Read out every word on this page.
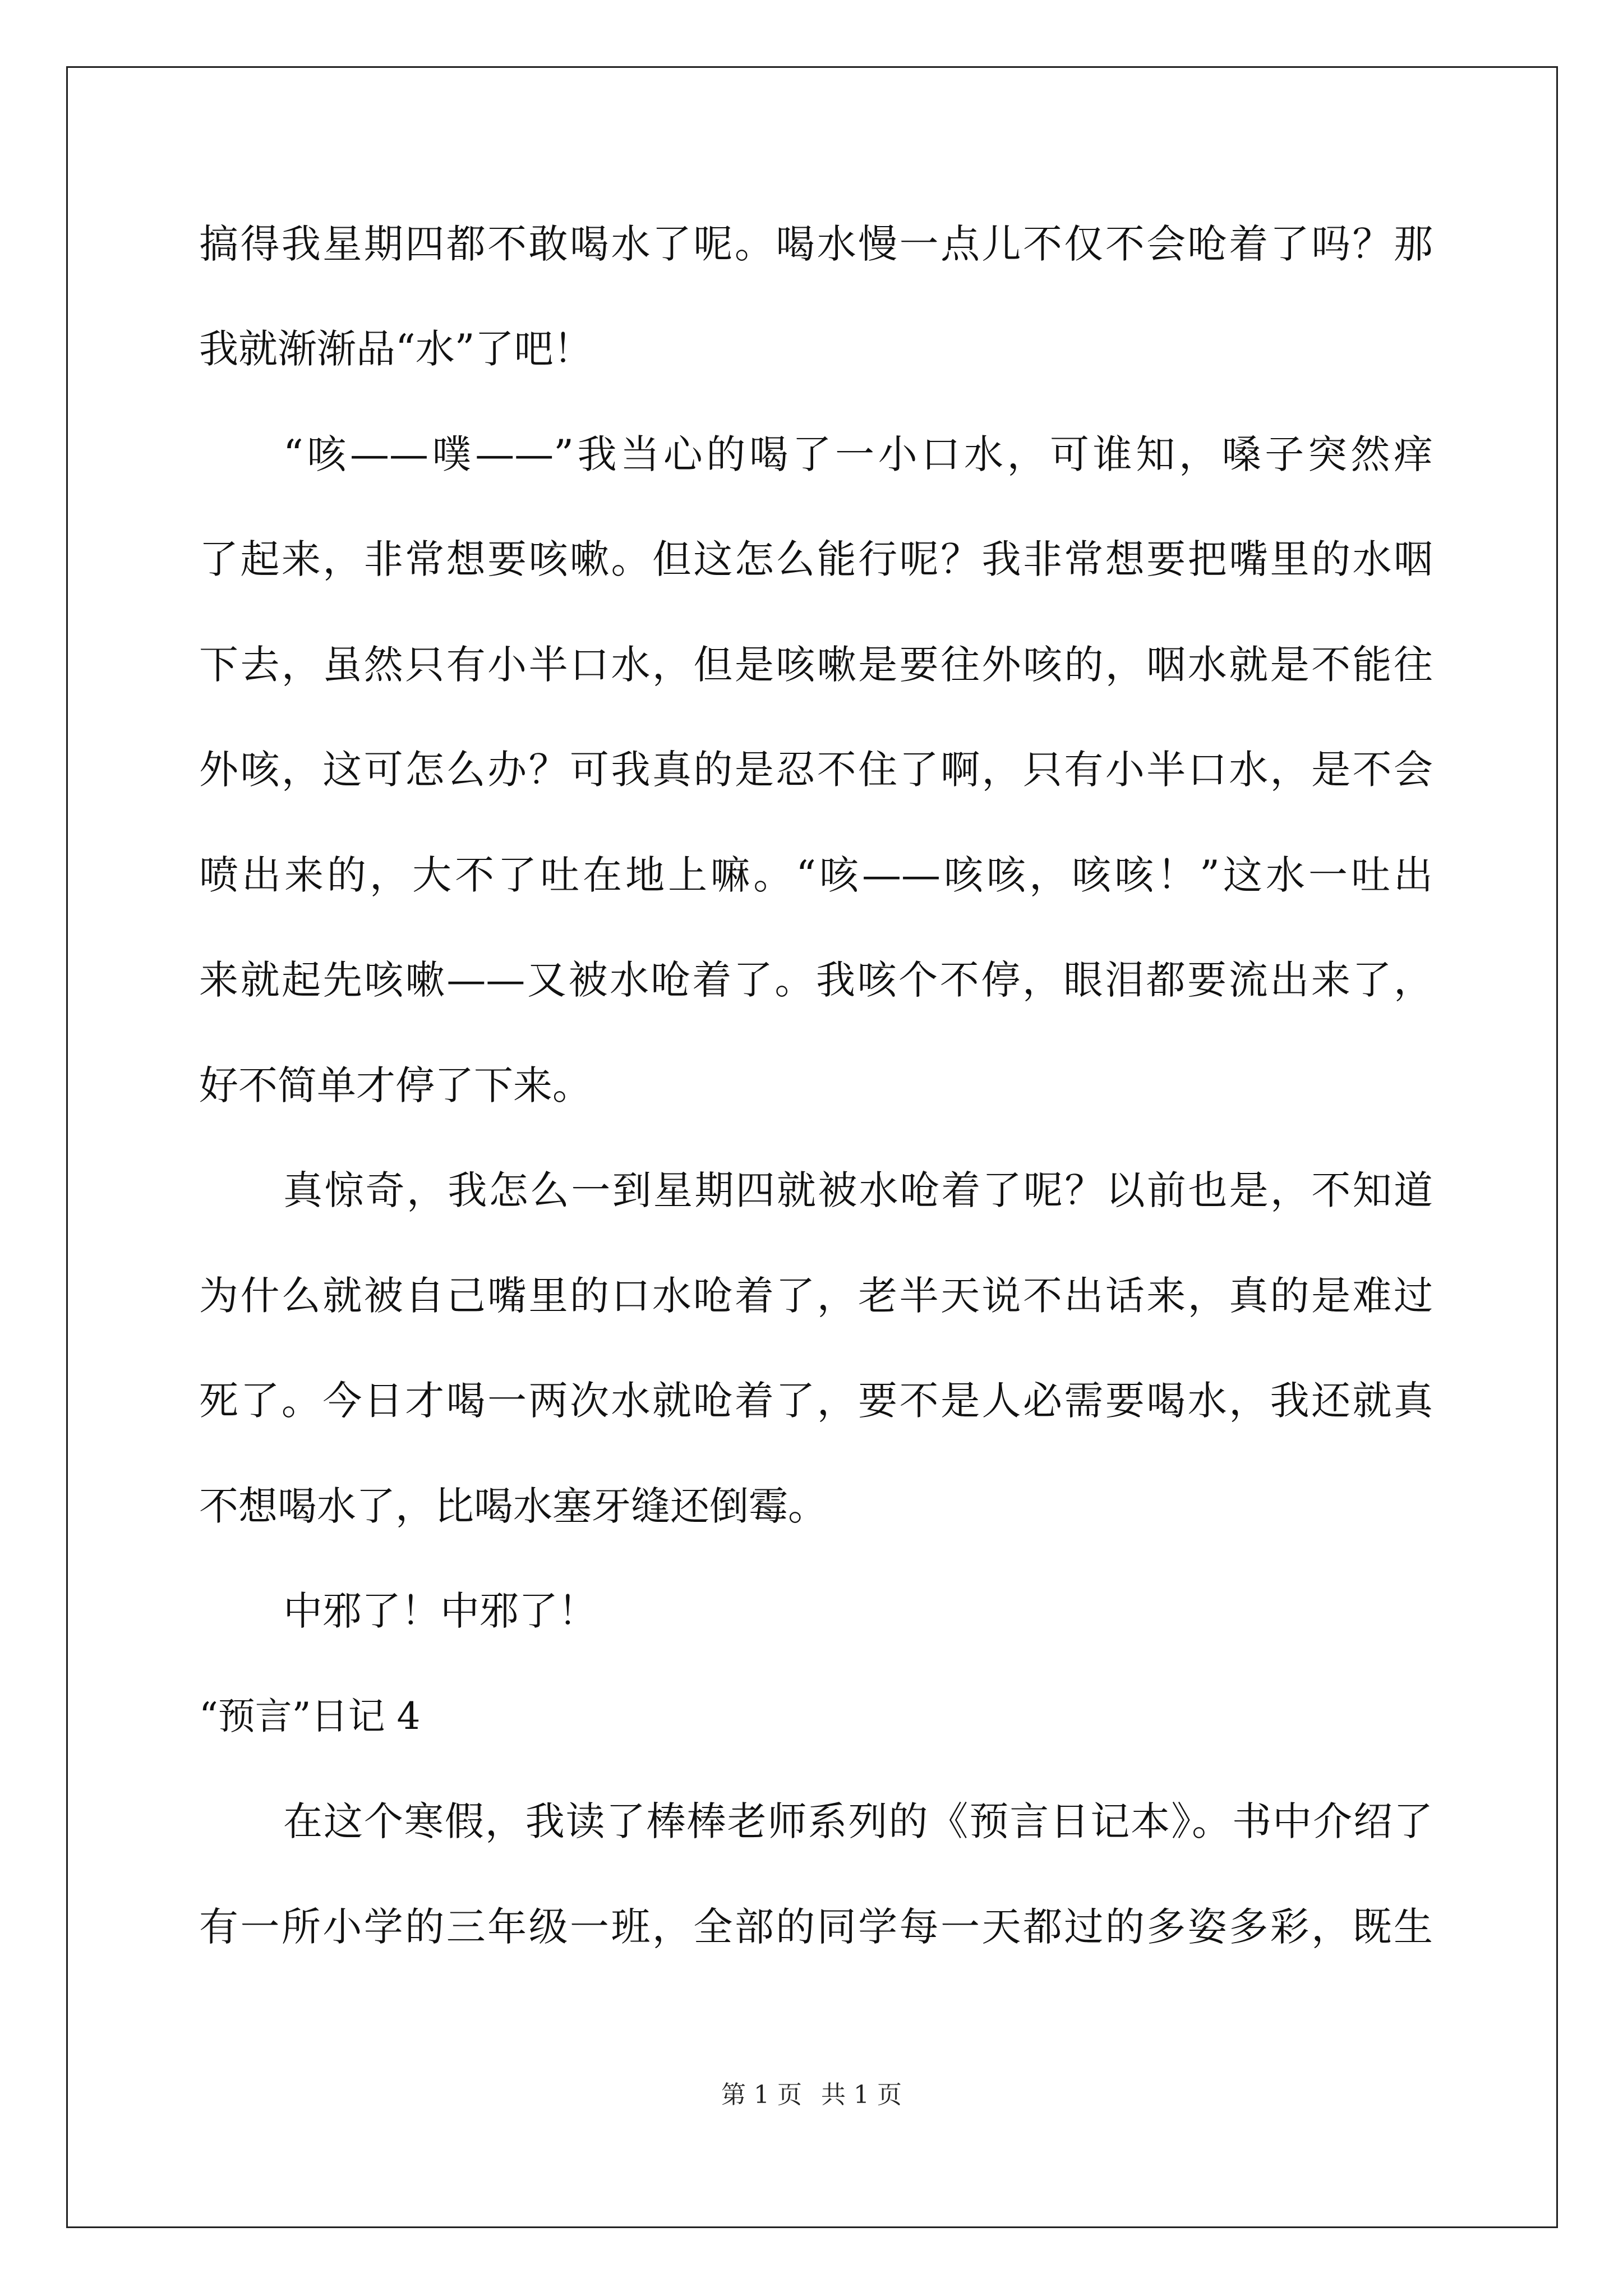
搞得我星期四都不敢喝水了呢。喝水慢一点儿不仅不会呛着了吗？那
我就渐渐品“水”了吧！
“咳——噗——”我当心的喝了一小口水，可谁知，嗓子突然痒
了起来，非常想要咳嗽。但这怎么能行呢？我非常想要把嘴里的水咽
下去，虽然只有小半口水，但是咳嗽是要往外咳的，咽水就是不能往
外咳，这可怎么办？可我真的是忍不住了啊，只有小半口水，是不会
喷出来的，大不了吐在地上嘛。“咳——咳咳，咳咳！”这水一吐出
来就起先咳嗽——又被水呛着了。我咳个不停，眼泪都要流出来了，
好不简单才停了下来。
真惊奇，我怎么一到星期四就被水呛着了呢？以前也是，不知道
为什么就被自己嘴里的口水呛着了，老半天说不出话来，真的是难过
死了。今日才喝一两次水就呛着了，要不是人必需要喝水，我还就真
不想喝水了，比喝水塞牙缝还倒霉。
中邪了！中邪了！
“预言”日记 4
在这个寒假，我读了棒棒老师系列的《预言日记本》。书中介绍了
有一所小学的三年级一班，全部的同学每一天都过的多姿多彩，既生
第 1 页 共 1 页
